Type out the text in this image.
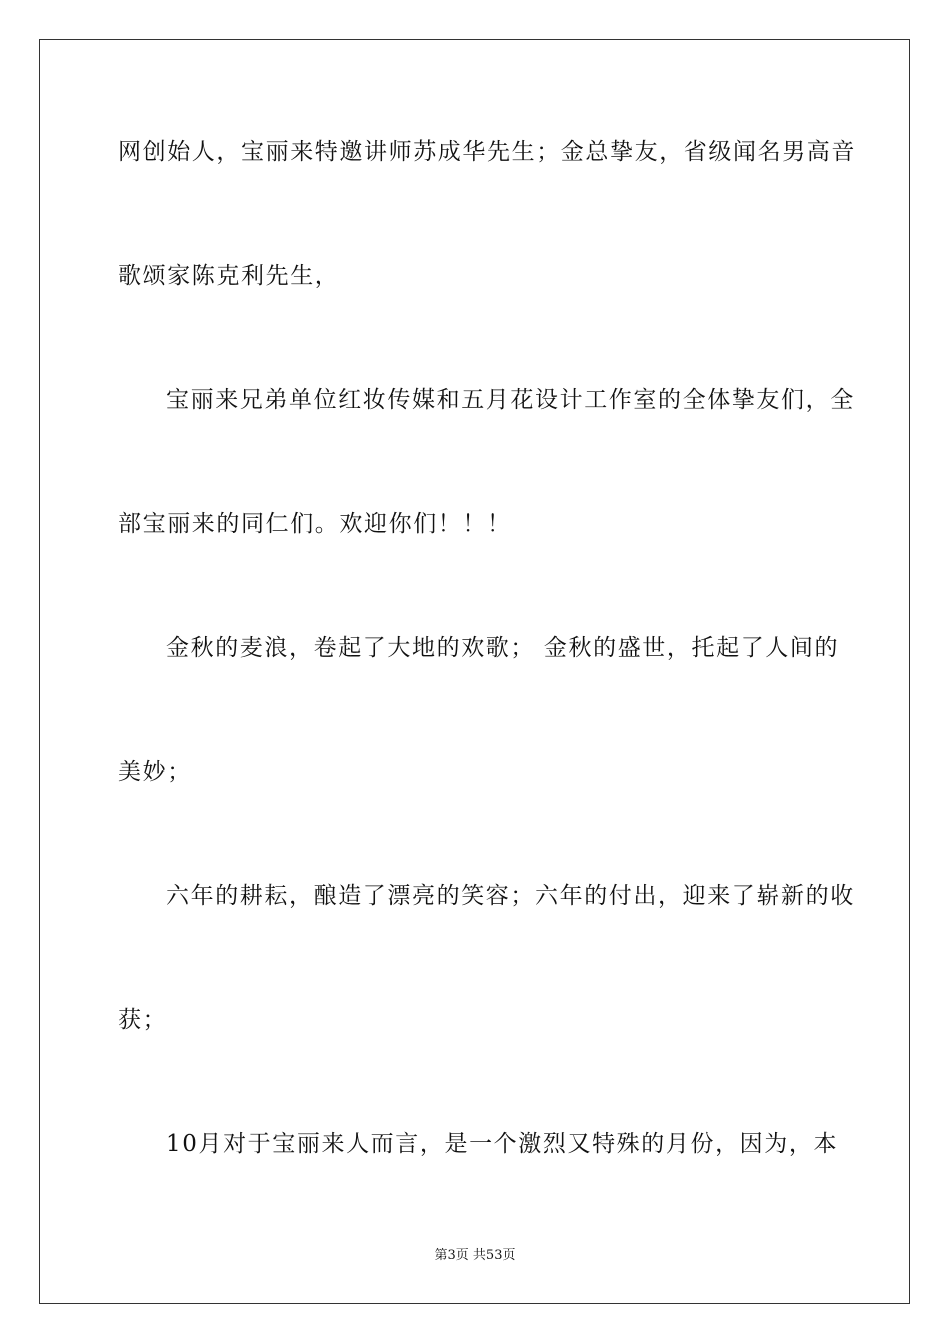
网创始人，宝丽来特邀讲师苏成华先生；金总挚友，省级闻名男高音
歌颂家陈克利先生，
宝丽来兄弟单位红妆传媒和五月花设计工作室的全体挚友们，全
部宝丽来的同仁们。欢迎你们！！！
金秋的麦浪，卷起了大地的欢歌； 金秋的盛世，托起了人间的
美妙；
六年的耕耘，酿造了漂亮的笑容；六年的付出，迎来了崭新的收
获；
10月对于宝丽来人而言，是一个激烈又特殊的月份，因为，本
第3页 共53页
